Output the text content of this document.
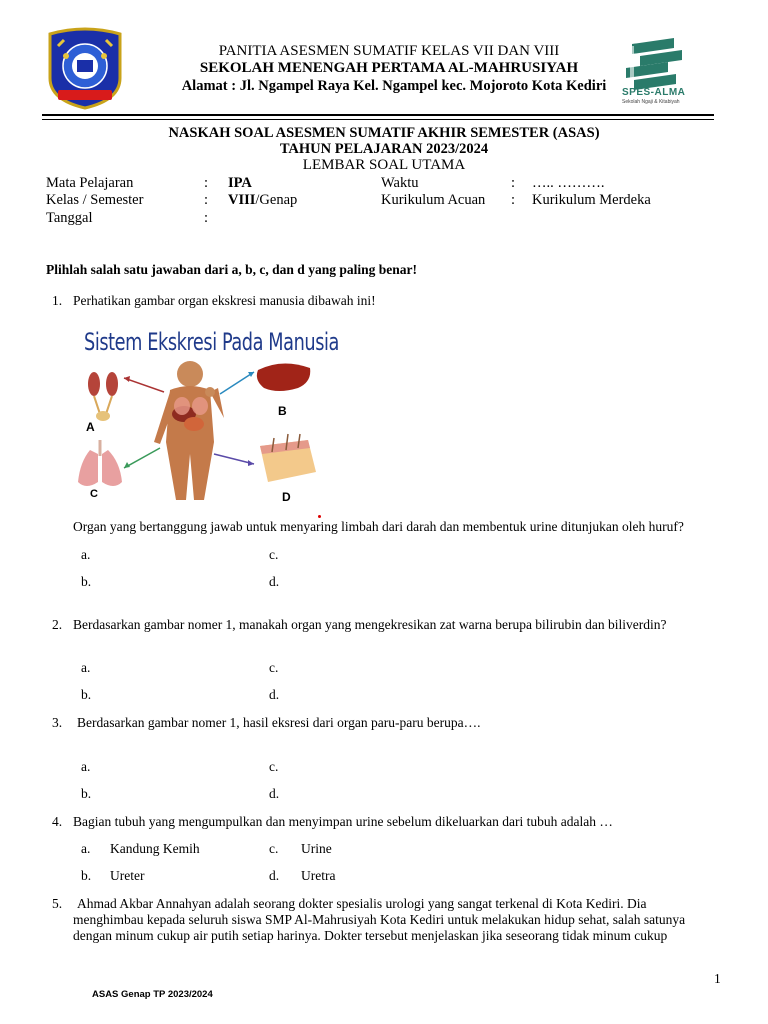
PANITIA ASESMEN SUMATIF KELAS VII DAN VIII
SEKOLAH MENENGAH PERTAMA AL-MAHRUSIYAH
Alamat : Jl. Ngampel Raya Kel. Ngampel kec. Mojoroto Kota Kediri	SPES-ALMA
Sekolah Ngaji & Kitabiyah
NASKAH SOAL ASESMEN SUMATIF AKHIR SEMESTER (ASAS)
TAHUN PELAJARAN 2023/2024
LEMBAR SOAL UTAMA
Mata Pelajaran	: IPA	Waktu	: ….. ……….
Kelas / Semester	: VIII/Genap	Kurikulum Acuan : Kurikulum Merdeka
Tanggal	:
Plihlah salah satu jawaban dari a, b, c, dan d yang paling benar!
1. Perhatikan gambar organ ekskresi manusia dibawah ini!
Sistem Ekskresi Pada Manusia
A
B
C	D
Organ yang bertanggung jawab untuk menyaring limbah dari darah dan membentuk urine ditunjukan oleh huruf?
a.	c.
b.	d.
2. Berdasarkan gambar nomer 1, manakah organ yang mengekresikan zat warna berupa bilirubin dan biliverdin?
a.	c.
b.	d.
3. Berdasarkan gambar nomer 1, hasil eksresi dari organ paru-paru berupa….
a.	c.
b.	d.
4. Bagian tubuh yang mengumpulkan dan menyimpan urine sebelum dikeluarkan dari tubuh adalah …
a. Kandung Kemih	c. Urine
b. Ureter	d. Uretra
5. Ahmad Akbar Annahyan adalah seorang dokter spesialis urologi yang sangat terkenal di Kota Kediri. Dia
menghimbau kepada seluruh siswa SMP Al-Mahrusiyah Kota Kediri untuk melakukan hidup sehat, salah satunya
dengan minum cukup air putih setiap harinya. Dokter tersebut menjelaskan jika seseorang tidak minum cukup
1
ASAS Genap TP 2023/2024
